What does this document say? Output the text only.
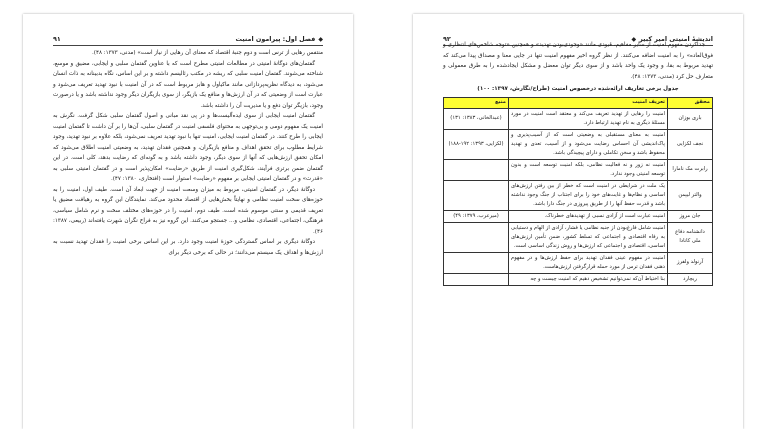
◆
فصل اول: پیرامون امنیت
۹۱

منتفس رهایی از ترس است و دوم جنبهٔ اقتصاد که معنای آن رهایی از نیاز است» (مدنی، ۱۳۷۳: ۴۸).

گفتمان‌های دوگانهٔ امنیتی در مطالعات امنیتی مطرح است که با عناوین گفتمان سلبی و ایجابی، مضیق و موسع، شناخته می‌شوند. گفتمان امنیت سلبی که ریشه در مکتب رئالیسم داشته و بر این اساس، نگاه بدبینانه به ذات انسان می‌شود، به دیدگاه نظریه‌پردازانی مانند ماکیاول و هابز مربوط است که در آن امنیت با نبود تهدید تعریف می‌شود و عبارت است از وضعیتی که در آن ارزش‌ها و منافع یک بازیگر، از سوی بازیگران دیگر وجود نداشته باشد و یا درصورت وجود، بازیگر توان دفع و یا مدیریت آن را داشته باشد.

گفتمان امنیت ایجابی از سوی ایده‌آلیست‌ها و در پی نقد مبانی و اصول گفتمان سلبی شکل گرفت. نگرش به امنیت یک مفهوم دومی و بی‌توجهی به محتوای فلسفی امنیت در گفتمان سلبی، آن‌ها را بر آن داشت تا گفتمان امنیت ایجابی را طرح کنند. در گفتمان امنیت ایجابی، امنیت تنها با نبود تهدید تعریف نمی‌شود، بلکه علاوه بر نبود تهدید، وجود شرایط مطلوب برای تحقق اهداف و منافع بازیگران، و همچنین فقدان تهدید، به وضعیتی امنیت اطلاق می‌شود که امکان تحقق ارزش‌هایی که آنها از سوی دیگر، وجود داشته باشد و به گونه‌ای که رضایت بدهد، کلی است. در این گفتمان ضمن برتری فرآیند، شکل‌گیری امنیت از طریق «رضایت» امکان‌پذیر است و در گفتمان امنیتی سلبی به «قدرت» و در گفتمان امنیتی ایجابی بر مفهوم «رضایت» استوار است (افتخاری، ۱۳۸۰: ۴۷).

دوگانهٔ دیگر، در گفتمان امنیتی، مربوط به میزان وسعت امنیت از جهت ابعاد آن است. طیف اول، امنیت را به حوزه‌های سخت امنیت نظامی و نهایتاً بخش‌هایی از اقتصاد محدود می‌کند. نمایندگان این گروه به رهیافت مضیق یا تعریف قدیمی و سنتی موسوم شده است. طیف دوم، امنیت را در حوزه‌های مختلف سخت و نرم شامل سیاسی، فرهنگی، اجتماعی، اقتصادی، نظامی و... جستجو می‌کنند. این گروه نیز به فراخ نگران شهرت یافته‌اند (ربیعی، ۱۳۸۷: ۴۶).

دوگانهٔ دیگری بر اساس گستردگی حوزهٔ امنیت وجود دارد. بر این اساس برخی امنیت را فقدان تهدید نسبت به ارزش‌ها و اهداف یک سیستم می‌دانند؛ در حالی که برخی دیگر برای

۹۲	اندیشهٔ امنیتی امیر کبیر
◆

جداکردن مفهوم امنیت از سایر مفاهیم، قیودی مانند «وجودی‌بودن تهدید» و همچنین «توجه شاخص‌های انتظاری و فوق‌العاده» را به امنیت اضافه می‌کنند. از نظر گروه اخیر مفهوم امنیت تنها در جایی معنا و مصداق پیدا می‌کند که تهدید مربوط به بقا، و وجود یک واحد باشد و از سوی دیگر توان معضل و مشکل ایجادشده را به طرق معمولی و متعارف حل کرد (مدنی، ۱۳۷۳: ۴۸).

جدول برخی تعاریف ارائه‌شده درخصوص امنیت (طراح/نگارش، ۱۳۹۷: ۱۰۰)
محقق	تعریف امنیت	منبع
باری بوزان	امنیت را رهایی از تهدید تعریف می‌کند و معتقد است امنیت در مورد مسئلهٔ دیگری به نام تهدید ارتباط دارد.	(عبدالخانی، ۱۳۸۳: ۱۳۱)
نجف لکزایی	امنیت به معنای مستقبلی به وضعیتی است که از آسیب‌پذیری و پاک‌اندیشی آن احساس رضایت می‌شود و از آسیب، تعدی و تهدید محفوظ باشد و سخن تکاملی و دارای پیچیدگی باشد.	(لکزایی، ۱۳۹۳: ۱۹۲-۱۸۸)
رابرت مک نامارا	امنیت نه زور و نه فعالیت نظامی، بلکه امنیت توسعه است و بدون توسعه امنیتی وجود ندارد.	
والتر لیپمن	یک ملت در شرایطی در امنیت است که خطر از بین رفتن ارزش‌های اساسی و نظام‌ها و غایت‌های خود را برای اجتناب از جنگ وجود نداشته باشد و قدرت حفظ آنها را از طریق پیروزی در جنگ دارا باشد.	
جان مروز	امنیت عبارت است از آزادی نسبی از تهدیدهای خطرناک.	(میرعرب، ۱۳۷۹: ۴۹)
دانشنامه دفاع ملی کانادا	امنیت شامل فارغ‌بودن از جنبه نظامی یا فشار، آزادی از الهام و دستیابی به رفاه اقتصادی و اجتماعی که تسلط کشور، ضمن تأمین ارزش‌های اساسی، اقتصادی و اجتماعی که ارزش‌ها و روش زندگی اساسی است.	
آرنولد ولفرز	امنیت در مفهوم عینی فقدان تهدید برای حفظ ارزش‌ها و در مفهوم ذهنی فقدان ترس از مورد حمله قرارگرفتن ارزش‌هاست.	
ریچارد	بنا اختیاط آن‌که نمی‌توانیم تشخیص دهیم که امنیت چیست و چه	
